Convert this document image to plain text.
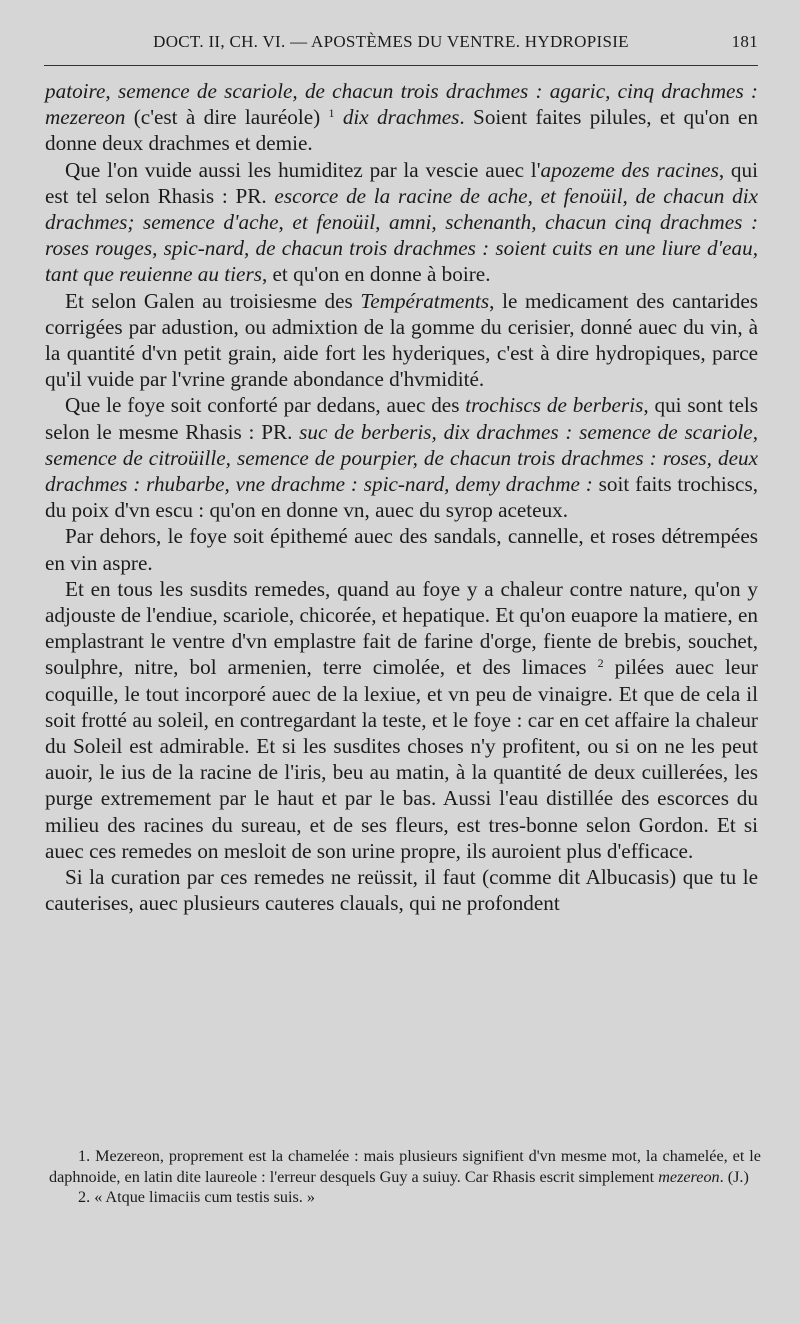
DOCT. II, CH. VI. — APOSTÈMES DU VENTRE. HYDROPISIE	181

patoire, semence de scariole, de chacun trois drachmes : agaric, cinq drachmes : mezereon (c'est à dire lauréole) $^1$ dix drachmes. Soient faites pilules, et qu'on en donne deux drachmes et demie.

Que l'on vuide aussi les humiditez par la vescie auec l'apozeme des racines, qui est tel selon Rhasis : PR. escorce de la racine de ache, et fenoüil, de chacun dix drachmes; semence d'ache, et fenoüil, amni, schenanth, chacun cinq drachmes : roses rouges, spic-nard, de chacun trois drachmes : soient cuits en une liure d'eau, tant que reuienne au tiers, et qu'on en donne à boire.

Et selon Galen au troisiesme des Températments, le medicament des cantarides corrigées par adustion, ou admixtion de la gomme du cerisier, donné auec du vin, à la quantité d'vn petit grain, aide fort les hyderiques, c'est à dire hydropiques, parce qu'il vuide par l'vrine grande abondance d'hvmidité.

Que le foye soit conforté par dedans, auec des trochiscs de berberis, qui sont tels selon le mesme Rhasis : PR. suc de berberis, dix drachmes : semence de scariole, semence de citroüille, semence de pourpier, de chacun trois drachmes : roses, deux drachmes : rhubarbe, vne drachme : spic-nard, demy drachme : soit faits trochiscs, du poix d'vn escu : qu'on en donne vn, auec du syrop aceteux.

Par dehors, le foye soit épithemé auec des sandals, cannelle, et roses détrempées en vin aspre.

Et en tous les susdits remedes, quand au foye y a chaleur contre nature, qu'on y adjouste de l'endiue, scariole, chicorée, et hepatique. Et qu'on euapore la matiere, en emplastrant le ventre d'vn emplastre fait de farine d'orge, fiente de brebis, souchet, soulphre, nitre, bol armenien, terre cimolée, et des limaces $^2$ pilées auec leur coquille, le tout incorporé auec de la lexiue, et vn peu de vinaigre. Et que de cela il soit frotté au soleil, en contregardant la teste, et le foye : car en cet affaire la chaleur du Soleil est admirable. Et si les susdites choses n'y profitent, ou si on ne les peut auoir, le ius de la racine de l'iris, beu au matin, à la quantité de deux cuillerées, les purge extremement par le haut et par le bas. Aussi l'eau distillée des escorces du milieu des racines du sureau, et de ses fleurs, est tres-bonne selon Gordon. Et si auec ces remedes on mesloit de son urine propre, ils auroient plus d'efficace.

Si la curation par ces remedes ne reüssit, il faut (comme dit Albucasis) que tu le cauterises, auec plusieurs cauteres clauals, qui ne profondent

1. Mezereon, proprement est la chamelée : mais plusieurs signifient d'vn mesme mot, la chamelée, et le daphnoide, en latin dite laureole : l'erreur desquels Guy a suiuy. Car Rhasis escrit simplement mezereon. (J.)

2. « Atque limaciis cum testis suis. »
